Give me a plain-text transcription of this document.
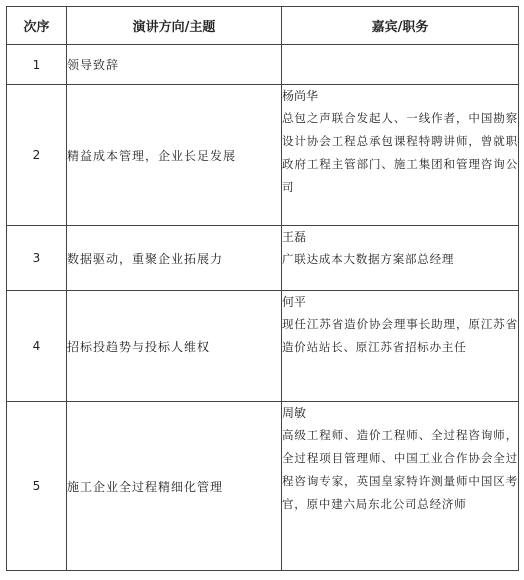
次序	演讲方向/主题	嘉宾/职务
1	领导致辞	

2	精益成本管理，企业长足发展	杨尚华
总包之声联合发起人、一线作者，中国勘察设计协会工程总承包课程特聘讲师，曾就职政府工程主管部门、施工集团和管理咨询公司

3	数据驱动，重聚企业拓展力	王磊
广联达成本大数据方案部总经理

4	招标投趋势与投标人维权	何平
现任江苏省造价协会理事长助理，原江苏省造价站站长、原江苏省招标办主任

5	施工企业全过程精细化管理	周敏
高级工程师、造价工程师、全过程咨询师，全过程项目管理师、中国工业合作协会全过程咨询专家，英国皇家特许测量师中国区考官，原中建六局东北公司总经济师
